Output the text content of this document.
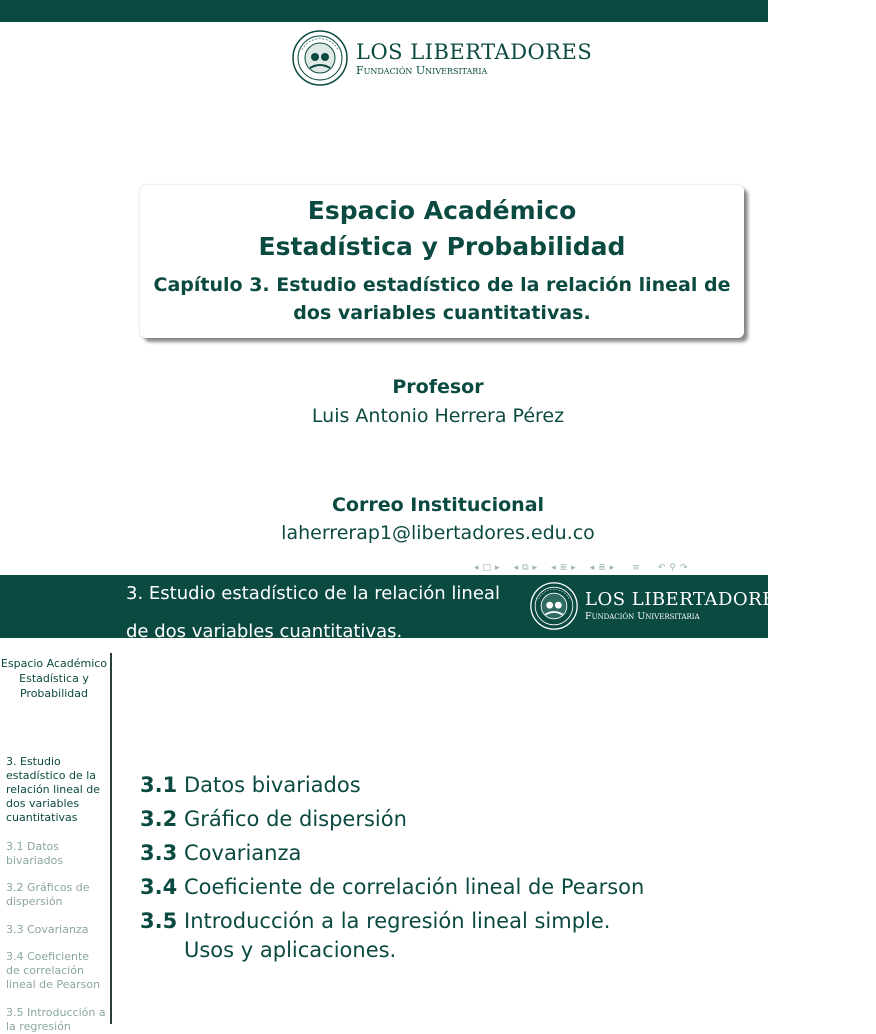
LOS LIBERTADORES
Fundación Universitaria
Espacio Académico
Estadística y Probabilidad
Capítulo 3. Estudio estadístico de la relación lineal de dos variables cuantitativas.
Profesor
Luis Antonio Herrera Pérez
Correo Institucional
laherrerap1@libertadores.edu.co
◂ □ ▸ ◂ ⧉ ▸ ◂ ≣ ▸ ◂ ≣ ▸ ≡ ↶ ⚲ ↷
3. Estudio estadístico de la relación lineal de dos variables cuantitativas.
LOS LIBERTADORES
Fundación Universitaria
Espacio Académico Estadística y Probabilidad
3. Estudio estadístico de la relación lineal de dos variables cuantitativas
3.1 Datos bivariados
3.2 Gráficos de dispersión
3.3 Covarianza
3.4 Coeficiente de correlación lineal de Pearson
3.5 Introducción a la regresión
3.1 Datos bivariados
3.2 Gráfico de dispersión
3.3 Covarianza
3.4 Coeficiente de correlación lineal de Pearson
3.5 Introducción a la regresión lineal simple. Usos y aplicaciones.
